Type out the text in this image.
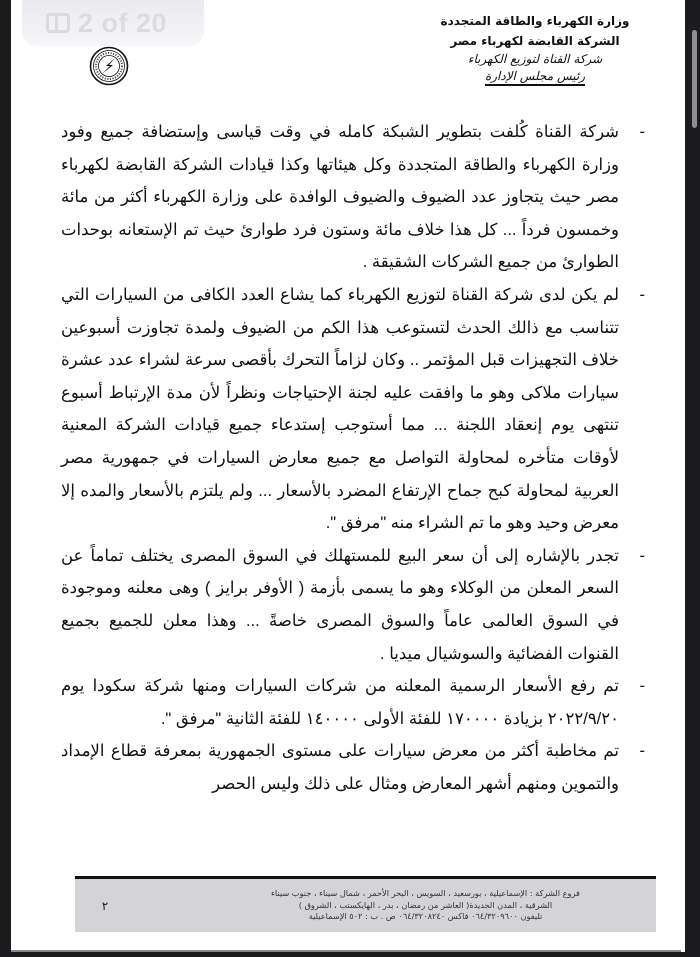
وزارة الكهرباء والطاقة المتجددة
الشركة القابضة لكهرباء مصر
شركة القناة لتوزيع الكهرباء
رئيس مجلس الإدارة

-
شركة القناة كُلفت بتطوير الشبكة كامله في وقت قياسى وإستضافة جميع وفود وزارة الكهرباء والطاقة المتجددة وكل هيئاتها وكذا قيادات الشركة القابضة لكهرباء مصر حيث يتجاوز عدد الضيوف والضيوف الوافدة على وزارة الكهرباء أكثر من مائة وخمسون فرداً ... كل هذا خلاف مائة وستون فرد طوارئ حيث تم الإستعانه بوحدات الطوارئ من جميع الشركات الشقيقة .

-
لم يكن لدى شركة القناة لتوزيع الكهرباء كما يشاع العدد الكافى من السيارات التي تتناسب مع ذالك الحدث لتستوعب هذا الكم من الضيوف ولمدة تجاوزت أسبوعين خلاف التجهيزات قبل المؤتمر .. وكان لزاماً التحرك بأقصى سرعة لشراء عدد عشرة سيارات ملاكى وهو ما وافقت عليه لجنة الإحتياجات ونظراً لأن مدة الإرتباط أسبوع تنتهى يوم إنعقاد اللجنة ... مما أستوجب إستدعاء جميع قيادات الشركة المعنية لأوقات متأخره لمحاولة التواصل مع جميع معارض السيارات في جمهورية مصر العربية لمحاولة كبح جماح الإرتفاع المضرد بالأسعار ... ولم يلتزم بالأسعار والمده إلا معرض وحيد وهو ما تم الشراء منه "مرفق ".

-
تجدر بالإشاره إلى أن سعر البيع للمستهلك في السوق المصرى يختلف تماماً عن السعر المعلن من الوكلاء وهو ما يسمى بأزمة ( الأوفر برايز ) وهى معلنه وموجودة في السوق العالمى عاماً والسوق المصرى خاصةً ... وهذا معلن للجميع بجميع القنوات الفضائية والسوشيال ميديا .

-
تم رفع الأسعار الرسمية المعلنه من شركات السيارات ومنها شركة سكودا يوم ٢٠٢٢/٩/٢٠ بزيادة ١٧٠٠٠٠ للفئة الأولى ١٤٠٠٠٠ للفئة الثانية "مرفق ".

-
تم مخاطبة أكثر من معرض سيارات على مستوى الجمهورية بمعرفة قطاع الإمداد والتموين ومنهم أشهر المعارض ومثال على ذلك وليس الحصر

٢
فروع الشركة : الإسماعيلية ، بورسعيد ، السويس ، البحر الأحمر ، شمال سيناء ، جنوب سيناء
الشرقية ، المدن الجديدة( العاشر من رمضان ، بدر ، الهايكستب ، الشروق )
تليفون ٠٦٤/٣٢٠٩٦٠٠ فاكس ٠٦٤/٣٢٠٨٢٤٠ ص . ب : ٥٠٢ الإسماعيلية
2 of 20
